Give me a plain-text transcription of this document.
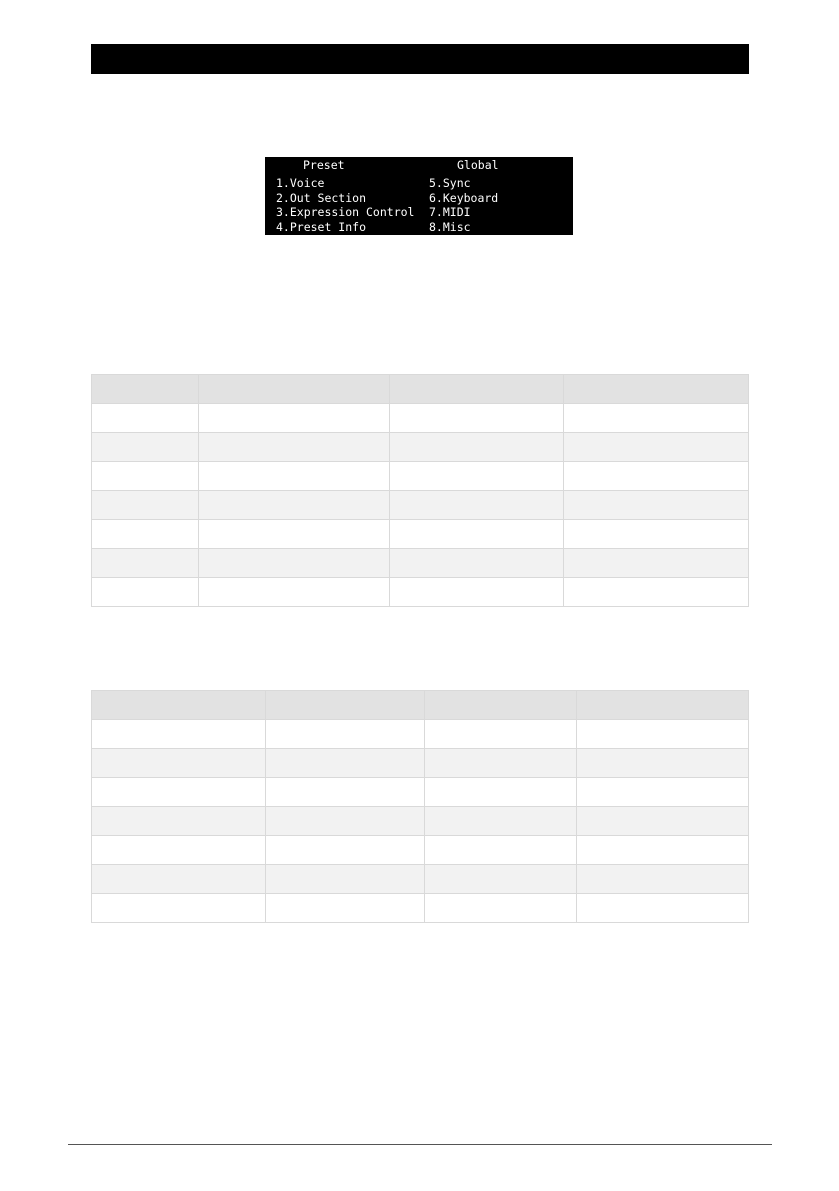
Preset	Global
1.Voice
2.Out Section
3.Expression Control
4.Preset Info
5.Sync
6.Keyboard
7.MIDI
8.Misc
